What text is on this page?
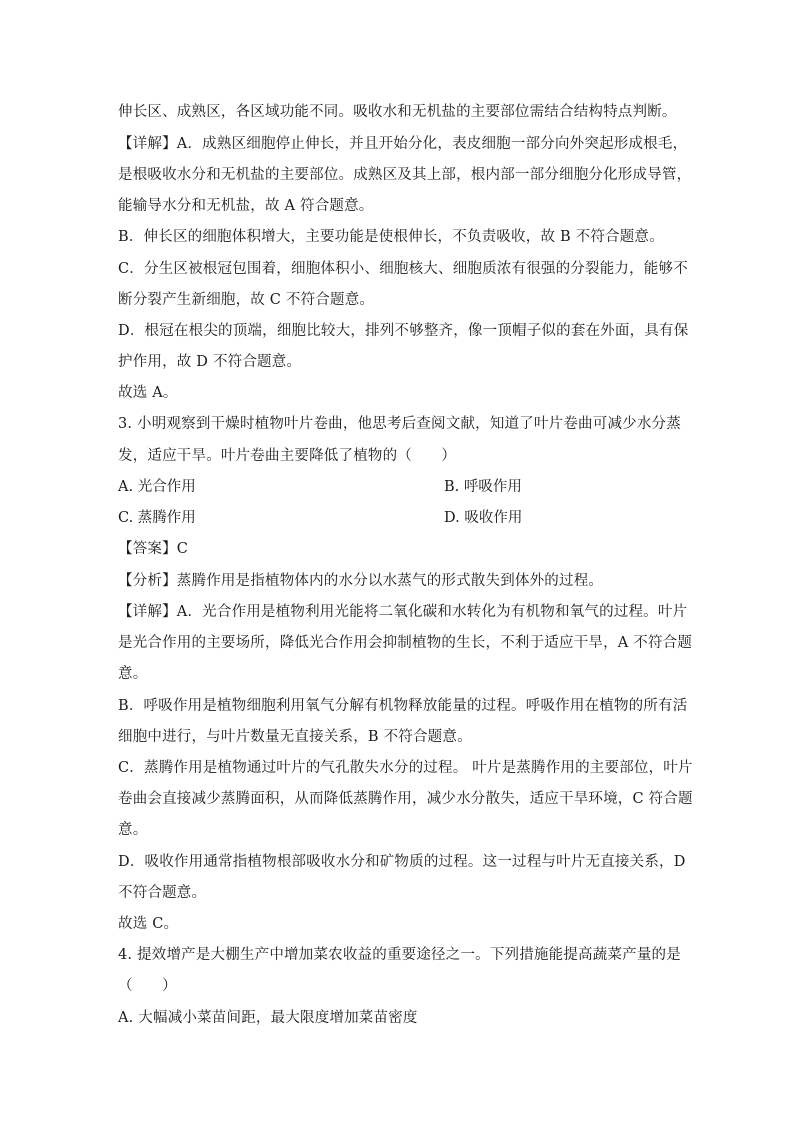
伸长区、成熟区，各区域功能不同。吸收水和无机盐的主要部位需结合结构特点判断。
【详解】A．成熟区细胞停止伸长，并且开始分化，表皮细胞一部分向外突起形成根毛，
是根吸收水分和无机盐的主要部位。成熟区及其上部，根内部一部分细胞分化形成导管，
能输导水分和无机盐，故 A 符合题意。
B．伸长区的细胞体积增大，主要功能是使根伸长，不负责吸收，故 B 不符合题意。
C．分生区被根冠包围着，细胞体积小、细胞核大、细胞质浓有很强的分裂能力，能够不
断分裂产生新细胞，故 C 不符合题意。
D．根冠在根尖的顶端，细胞比较大，排列不够整齐，像一顶帽子似的套在外面，具有保
护作用，故 D 不符合题意。
故选 A。
3. 小明观察到干燥时植物叶片卷曲，他思考后查阅文献，知道了叶片卷曲可减少水分蒸
发，适应干旱。叶片卷曲主要降低了植物的（　　）
A. 光合作用	B. 呼吸作用
C. 蒸腾作用	D. 吸收作用
【答案】C
【分析】蒸腾作用是指植物体内的水分以水蒸气的形式散失到体外的过程。
【详解】A．光合作用是植物利用光能将二氧化碳和水转化为有机物和氧气的过程。叶片
是光合作用的主要场所，降低光合作用会抑制植物的生长，不利于适应干旱，A 不符合题
意。
B．呼吸作用是植物细胞利用氧气分解有机物释放能量的过程。呼吸作用在植物的所有活
细胞中进行，与叶片数量无直接关系，B 不符合题意。
C．蒸腾作用是植物通过叶片的气孔散失水分的过程。 叶片是蒸腾作用的主要部位，叶片
卷曲会直接减少蒸腾面积，从而降低蒸腾作用，减少水分散失，适应干旱环境，C 符合题
意。
D．吸收作用通常指植物根部吸收水分和矿物质的过程。这一过程与叶片无直接关系，D
不符合题意。
故选 C。
4. 提效增产是大棚生产中增加菜农收益的重要途径之一。下列措施能提高蔬菜产量的是
（　　）
A. 大幅减小菜苗间距，最大限度增加菜苗密度
